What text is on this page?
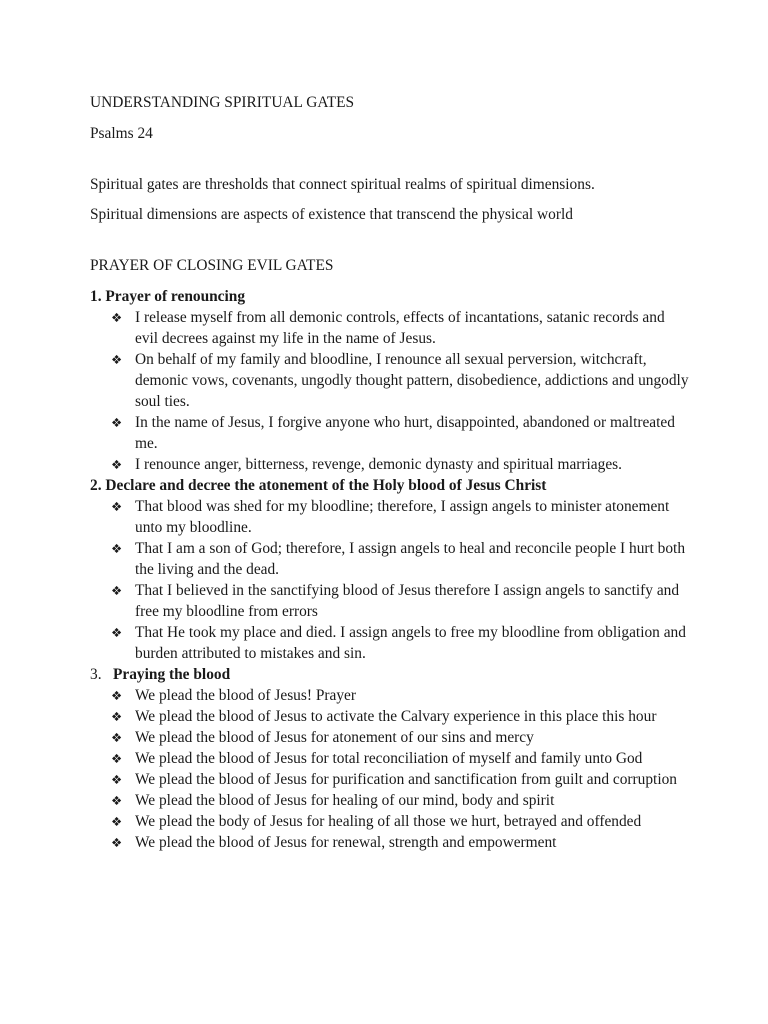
UNDERSTANDING SPIRITUAL GATES

Psalms 24

Spiritual gates are thresholds that connect spiritual realms of spiritual dimensions.

Spiritual dimensions are aspects of existence that transcend the physical world

PRAYER OF CLOSING EVIL GATES

1. Prayer of renouncing

❖ I release myself from all demonic controls, effects of incantations, satanic records and evil decrees against my life in the name of Jesus.
❖ On behalf of my family and bloodline, I renounce all sexual perversion, witchcraft, demonic vows, covenants, ungodly thought pattern, disobedience, addictions and ungodly soul ties.
❖ In the name of Jesus, I forgive anyone who hurt, disappointed, abandoned or maltreated me.
❖ I renounce anger, bitterness, revenge, demonic dynasty and spiritual marriages.

2. Declare and decree the atonement of the Holy blood of Jesus Christ

❖ That blood was shed for my bloodline; therefore, I assign angels to minister atonement unto my bloodline.
❖ That I am a son of God; therefore, I assign angels to heal and reconcile people I hurt both the living and the dead.
❖ That I believed in the sanctifying blood of Jesus therefore I assign angels to sanctify and free my bloodline from errors
❖ That He took my place and died. I assign angels to free my bloodline from obligation and burden attributed to mistakes and sin.

3. Praying the blood

❖ We plead the blood of Jesus! Prayer
❖ We plead the blood of Jesus to activate the Calvary experience in this place this hour
❖ We plead the blood of Jesus for atonement of our sins and mercy
❖ We plead the blood of Jesus for total reconciliation of myself and family unto God
❖ We plead the blood of Jesus for purification and sanctification from guilt and corruption
❖ We plead the blood of Jesus for healing of our mind, body and spirit
❖ We plead the body of Jesus for healing of all those we hurt, betrayed and offended
❖ We plead the blood of Jesus for renewal, strength and empowerment
